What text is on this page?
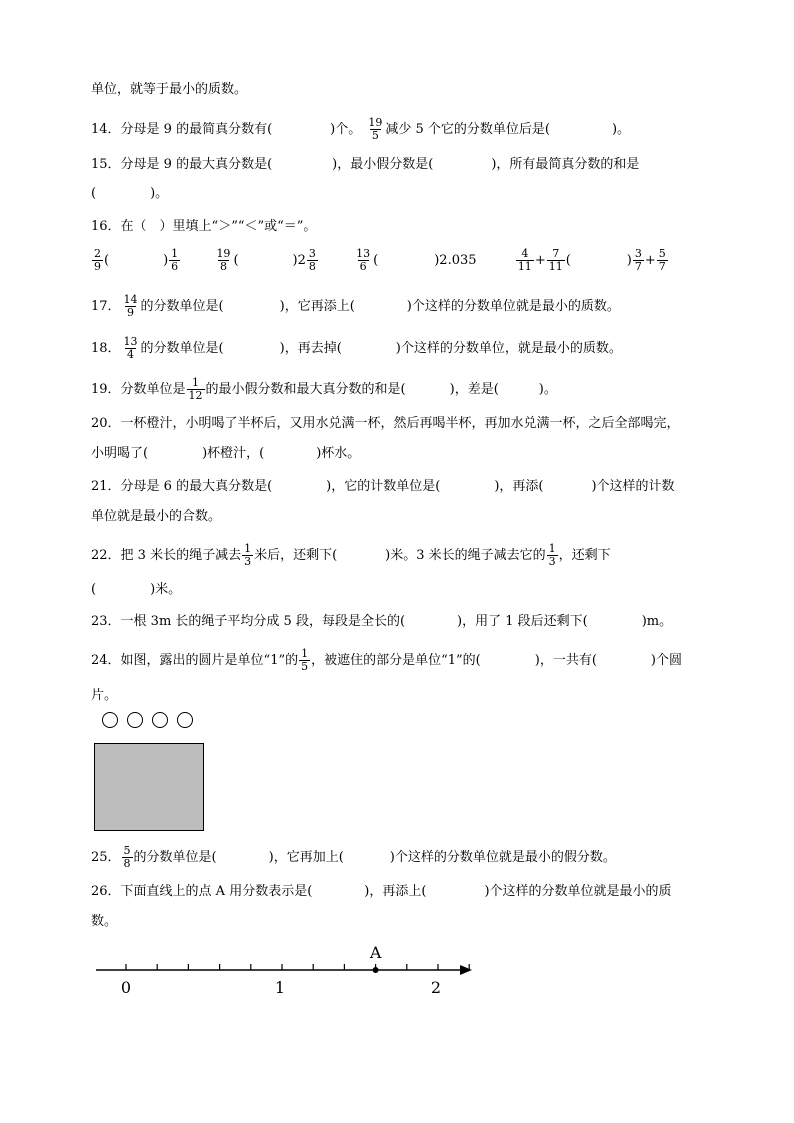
单位，就等于最小的质数。
14．分母是 9 的最简真分数有(	)个。 $\frac{19}{5}$ 减少 5 个它的分数单位后是(	)。
15．分母是 9 的最大真分数是(	)，最小假分数是(	)，所有最简真分数的和是
(	)。
16．在（　）里填上“＞”“＜”或“＝”。
$\frac{2}{9}$ (	) $\frac{1}{6}$
	$\frac{19}{8}$ (	) $2 \frac{3}{8}$
	$\frac{13}{6}$ (	)2.035	$\frac{4}{11} + \frac{7}{11}$ (	) $\frac{3}{7} + \frac{5}{7}$
17． $\frac{14}{9}$ 的分数单位是(	)，它再添上(	)个这样的分数单位就是最小的质数。
18． $\frac{13}{4}$ 的分数单位是(	)，再去掉(	)个这样的分数单位，就是最小的质数。
19．分数单位是 $\frac{1}{12}$ 的最小假分数和最大真分数的和是(	)，差是(	)。
20．一杯橙汁，小明喝了半杯后，又用水兑满一杯，然后再喝半杯，再加水兑满一杯，之后全部喝完，
小明喝了(	)杯橙汁，(	)杯水。
21．分母是 6 的最大真分数是(	)，它的计数单位是(	)，再添(	)个这样的计数
单位就是最小的合数。
22．把 3 米长的绳子减去 $\frac{1}{3}$ 米后，还剩下(	)米。3 米长的绳子减去它的 $\frac{1}{3}$ ，还剩下
(	)米。
23．一根 3m 长的绳子平均分成 5 段，每段是全长的(	)，用了 1 段后还剩下(	)m。
24．如图，露出的圆片是单位“1”的 $\frac{1}{5}$ ，被遮住的部分是单位“1”的(	)，一共有(	)个圆
片。
25． $\frac{5}{8}$ 的分数单位是(	)，它再加上(	)个这样的分数单位就是最小的假分数。
26．下面直线上的点 A 用分数表示是(	)，再添上(	)个这样的分数单位就是最小的质
数。
0	1	2
A
